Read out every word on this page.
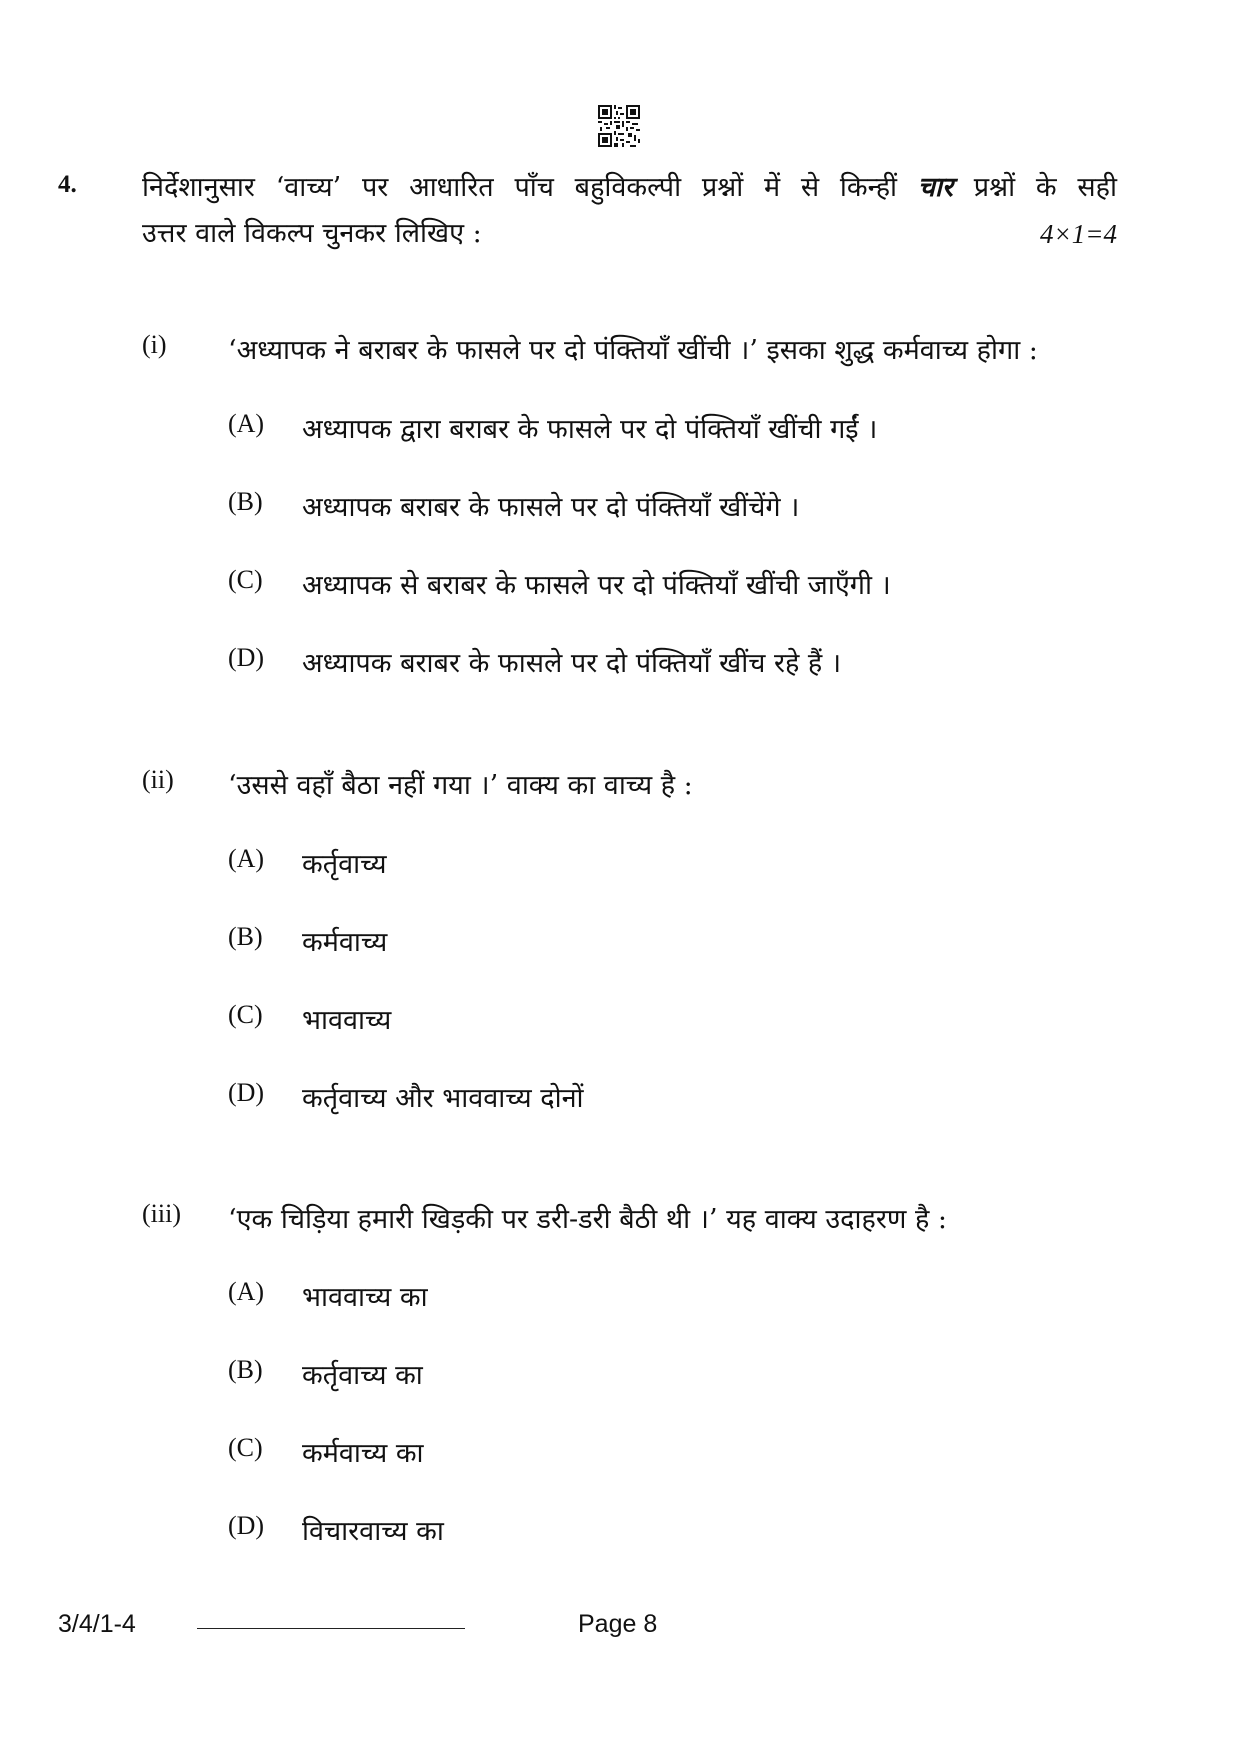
4. निर्देशानुसार ‘वाच्य’ पर आधारित पाँच बहुविकल्पी प्रश्नों में से किन्हीं चार प्रश्नों के सही
उत्तर वाले विकल्प चुनकर लिखिए :	4×1=4
(i) ‘अध्यापक ने बराबर के फासले पर दो पंक्तियाँ खींची ।’ इसका शुद्ध कर्मवाच्य होगा :
(A) अध्यापक द्वारा बराबर के फासले पर दो पंक्तियाँ खींची गईं ।
(B) अध्यापक बराबर के फासले पर दो पंक्तियाँ खींचेंगे ।
(C) अध्यापक से बराबर के फासले पर दो पंक्तियाँ खींची जाएँगी ।
(D) अध्यापक बराबर के फासले पर दो पंक्तियाँ खींच रहे हैं ।
(ii) ‘उससे वहाँ बैठा नहीं गया ।’ वाक्य का वाच्य है :
(A) कर्तृवाच्य
(B) कर्मवाच्य
(C) भाववाच्य
(D) कर्तृवाच्य और भाववाच्य दोनों
(iii) ‘एक चिड़िया हमारी खिड़की पर डरी-डरी बैठी थी ।’ यह वाक्य उदाहरण है :
(A) भाववाच्य का
(B) कर्तृवाच्य का
(C) कर्मवाच्य का
(D) विचारवाच्य का
3/4/1-4	Page 8
